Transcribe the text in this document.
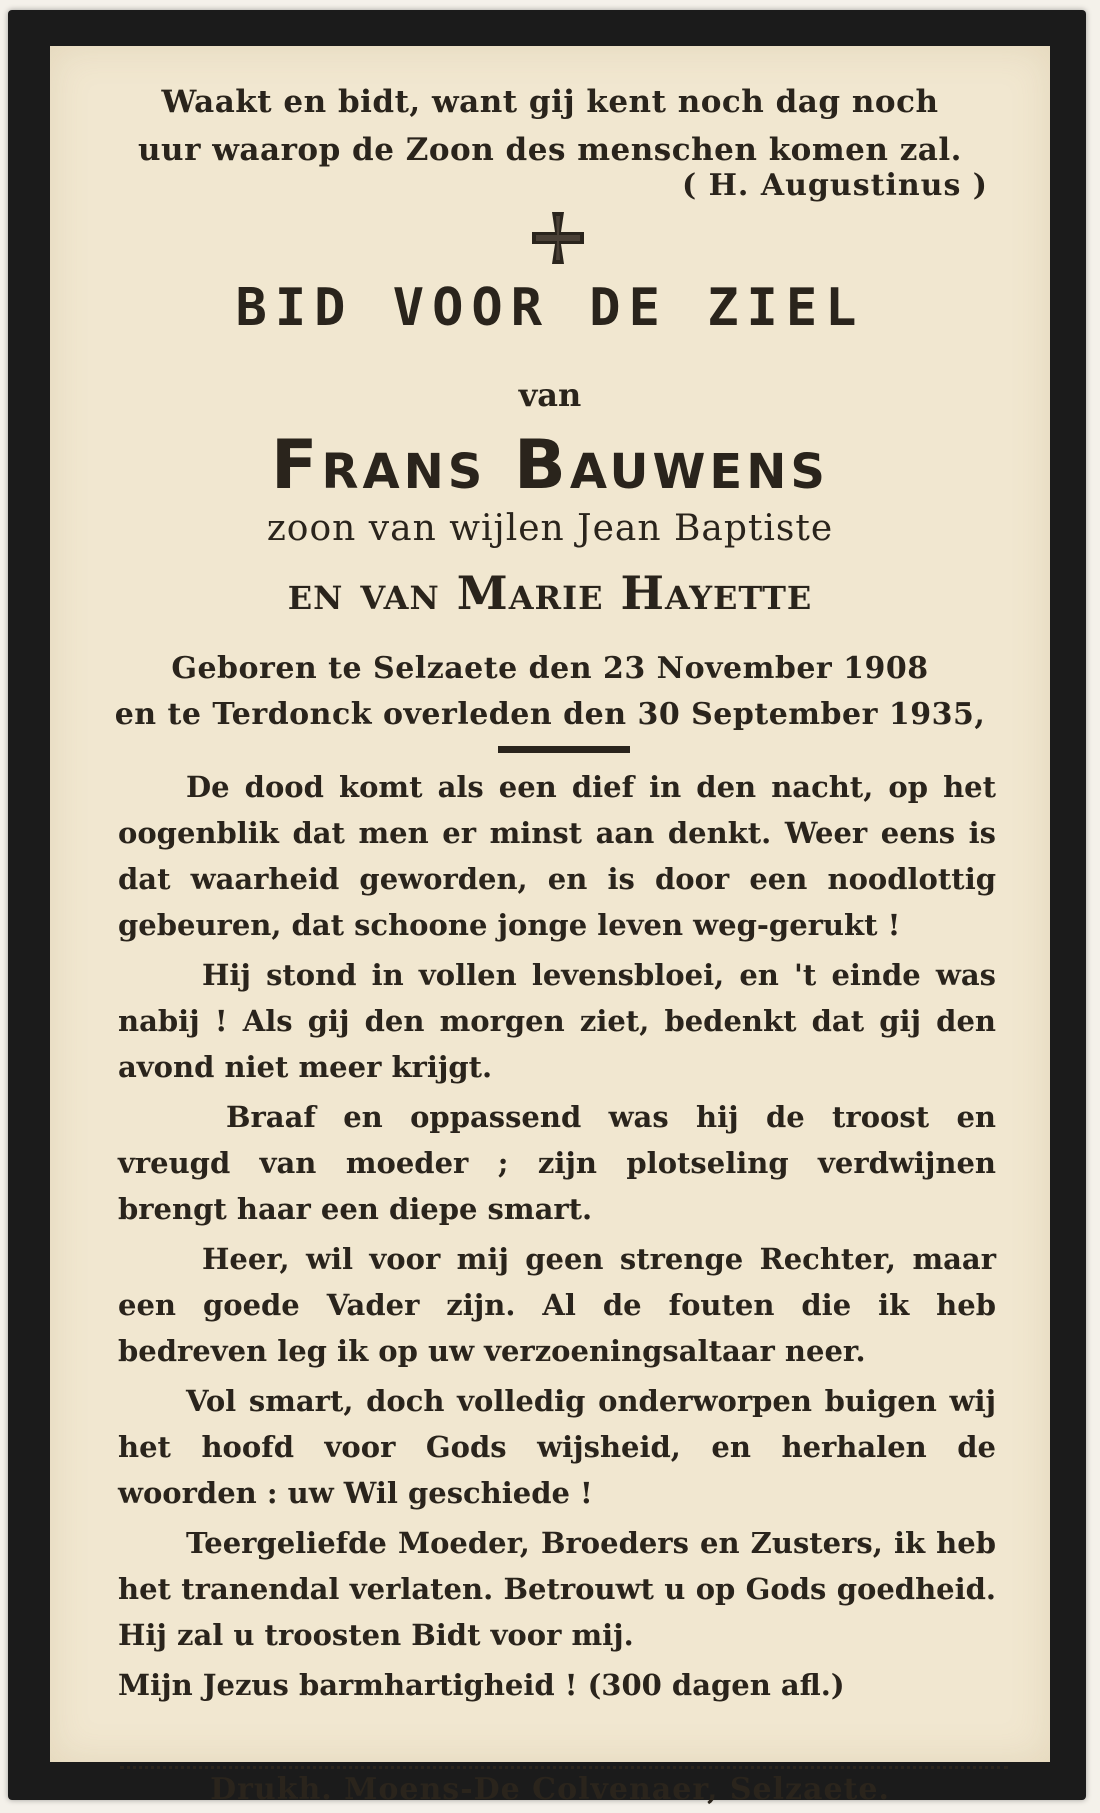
Waakt en bidt, want gij kent noch dag noch
uur waarop de Zoon des menschen komen zal.
( H. Augustinus )
BID VOOR DE ZIEL
van
Frans Bauwens
zoon van wijlen Jean Baptiste
en van Marie Hayette
Geboren te Selzaete den 23 November 1908
en te Terdonck overleden den 30 September 1935,

De dood komt als een dief in den nacht, op het oogenblik dat men er minst aan denkt. Weer eens is dat waarheid geworden, en is door een noodlottig gebeuren, dat schoone jonge leven weg-gerukt !

Hij stond in vollen levensbloei, en 't einde was nabij ! Als gij den morgen ziet, bedenkt dat gij den avond niet meer krijgt.

Braaf en oppassend was hij de troost en vreugd van moeder ; zijn plotseling verdwijnen brengt haar een diepe smart.

Heer, wil voor mij geen strenge Rechter, maar een goede Vader zijn. Al de fouten die ik heb bedreven leg ik op uw verzoeningsaltaar neer.

Vol smart, doch volledig onderworpen buigen wij het hoofd voor Gods wijsheid, en herhalen de woorden : uw Wil geschiede !

Teergeliefde Moeder, Broeders en Zusters, ik heb het tranendal verlaten. Betrouwt u op Gods goedheid. Hij zal u troosten Bidt voor mij.

Mijn Jezus barmhartigheid ! (300 dagen afl.)

Drukh. Moens-De Colvenaer, Selzaete.
